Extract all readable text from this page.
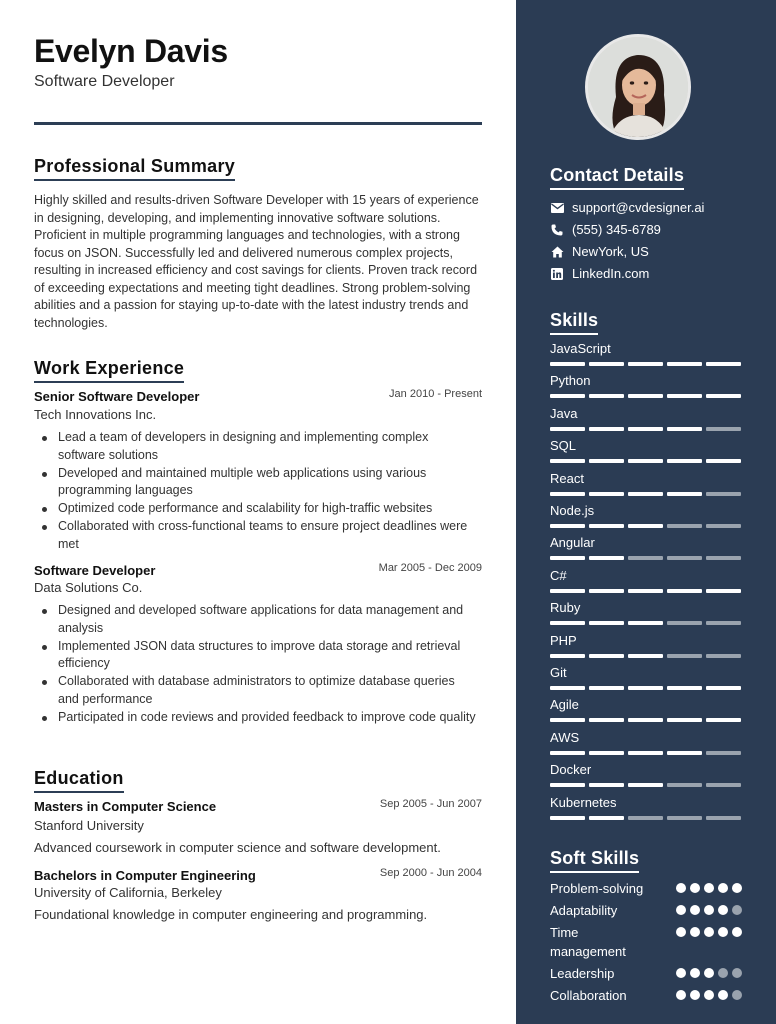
Evelyn Davis
Software Developer
Professional Summary
Highly skilled and results-driven Software Developer with 15 years of experience in designing, developing, and implementing innovative software solutions. Proficient in multiple programming languages and technologies, with a strong focus on JSON. Successfully led and delivered numerous complex projects, resulting in increased efficiency and cost savings for clients. Proven track record of exceeding expectations and meeting tight deadlines. Strong problem-solving abilities and a passion for staying up-to-date with the latest industry trends and technologies.
Work Experience
Senior Software Developer	Jan 2010 - Present
Tech Innovations Inc.
Lead a team of developers in designing and implementing complex software solutions
Developed and maintained multiple web applications using various programming languages
Optimized code performance and scalability for high-traffic websites
Collaborated with cross-functional teams to ensure project deadlines were met
Software Developer	Mar 2005 - Dec 2009
Data Solutions Co.
Designed and developed software applications for data management and analysis
Implemented JSON data structures to improve data storage and retrieval efficiency
Collaborated with database administrators to optimize database queries and performance
Participated in code reviews and provided feedback to improve code quality
Education
Masters in Computer Science	Sep 2005 - Jun 2007
Stanford University
Advanced coursework in computer science and software development.
Bachelors in Computer Engineering	Sep 2000 - Jun 2004
University of California, Berkeley
Foundational knowledge in computer engineering and programming.
Contact Details
support@cvdesigner.ai
(555) 345-6789
NewYork, US
LinkedIn.com
Skills
JavaScript
Python
Java
SQL
React
Node.js
Angular
C#
Ruby
PHP
Git
Agile
AWS
Docker
Kubernetes
Soft Skills
Problem-solving
Adaptability
Time management
Leadership
Collaboration
